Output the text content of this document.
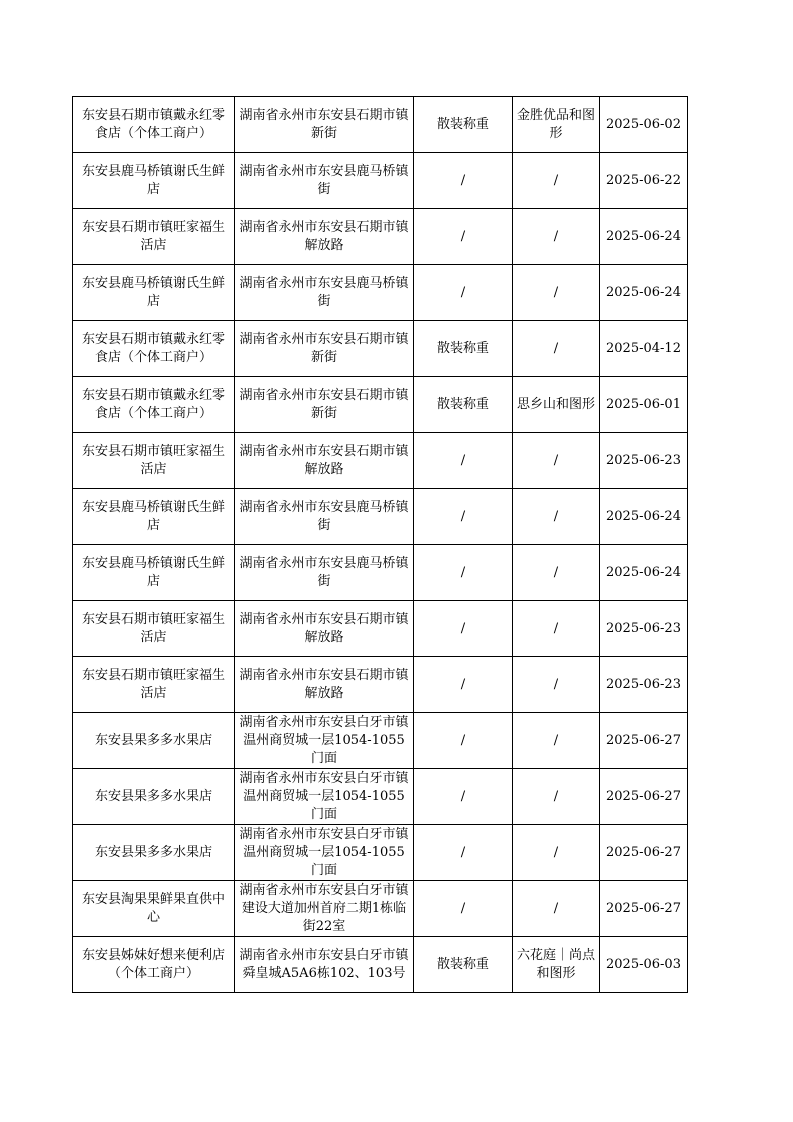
东安县石期市镇戴永红零食店（个体工商户）	湖南省永州市东安县石期市镇新街	散装称重	金胜优品和图形	2025-06-02
东安县鹿马桥镇谢氏生鲜店	湖南省永州市东安县鹿马桥镇街	/	/	2025-06-22
东安县石期市镇旺家福生活店	湖南省永州市东安县石期市镇解放路	/	/	2025-06-24
东安县鹿马桥镇谢氏生鲜店	湖南省永州市东安县鹿马桥镇街	/	/	2025-06-24
东安县石期市镇戴永红零食店（个体工商户）	湖南省永州市东安县石期市镇新街	散装称重	/	2025-04-12
东安县石期市镇戴永红零食店（个体工商户）	湖南省永州市东安县石期市镇新街	散装称重	思乡山和图形	2025-06-01
东安县石期市镇旺家福生活店	湖南省永州市东安县石期市镇解放路	/	/	2025-06-23
东安县鹿马桥镇谢氏生鲜店	湖南省永州市东安县鹿马桥镇街	/	/	2025-06-24
东安县鹿马桥镇谢氏生鲜店	湖南省永州市东安县鹿马桥镇街	/	/	2025-06-24
东安县石期市镇旺家福生活店	湖南省永州市东安县石期市镇解放路	/	/	2025-06-23
东安县石期市镇旺家福生活店	湖南省永州市东安县石期市镇解放路	/	/	2025-06-23
东安县果多多水果店	湖南省永州市东安县白牙市镇温州商贸城一层1054-1055门面	/	/	2025-06-27
东安县果多多水果店	湖南省永州市东安县白牙市镇温州商贸城一层1054-1055门面	/	/	2025-06-27
东安县果多多水果店	湖南省永州市东安县白牙市镇温州商贸城一层1054-1055门面	/	/	2025-06-27
东安县淘果果鲜果直供中心	湖南省永州市东安县白牙市镇建设大道加州首府二期1栋临街22室	/	/	2025-06-27
东安县姊妹好想来便利店（个体工商户）	湖南省永州市东安县白牙市镇舜皇城A5A6栋102、103号	散装称重	六花庭｜尚点和图形	2025-06-03
